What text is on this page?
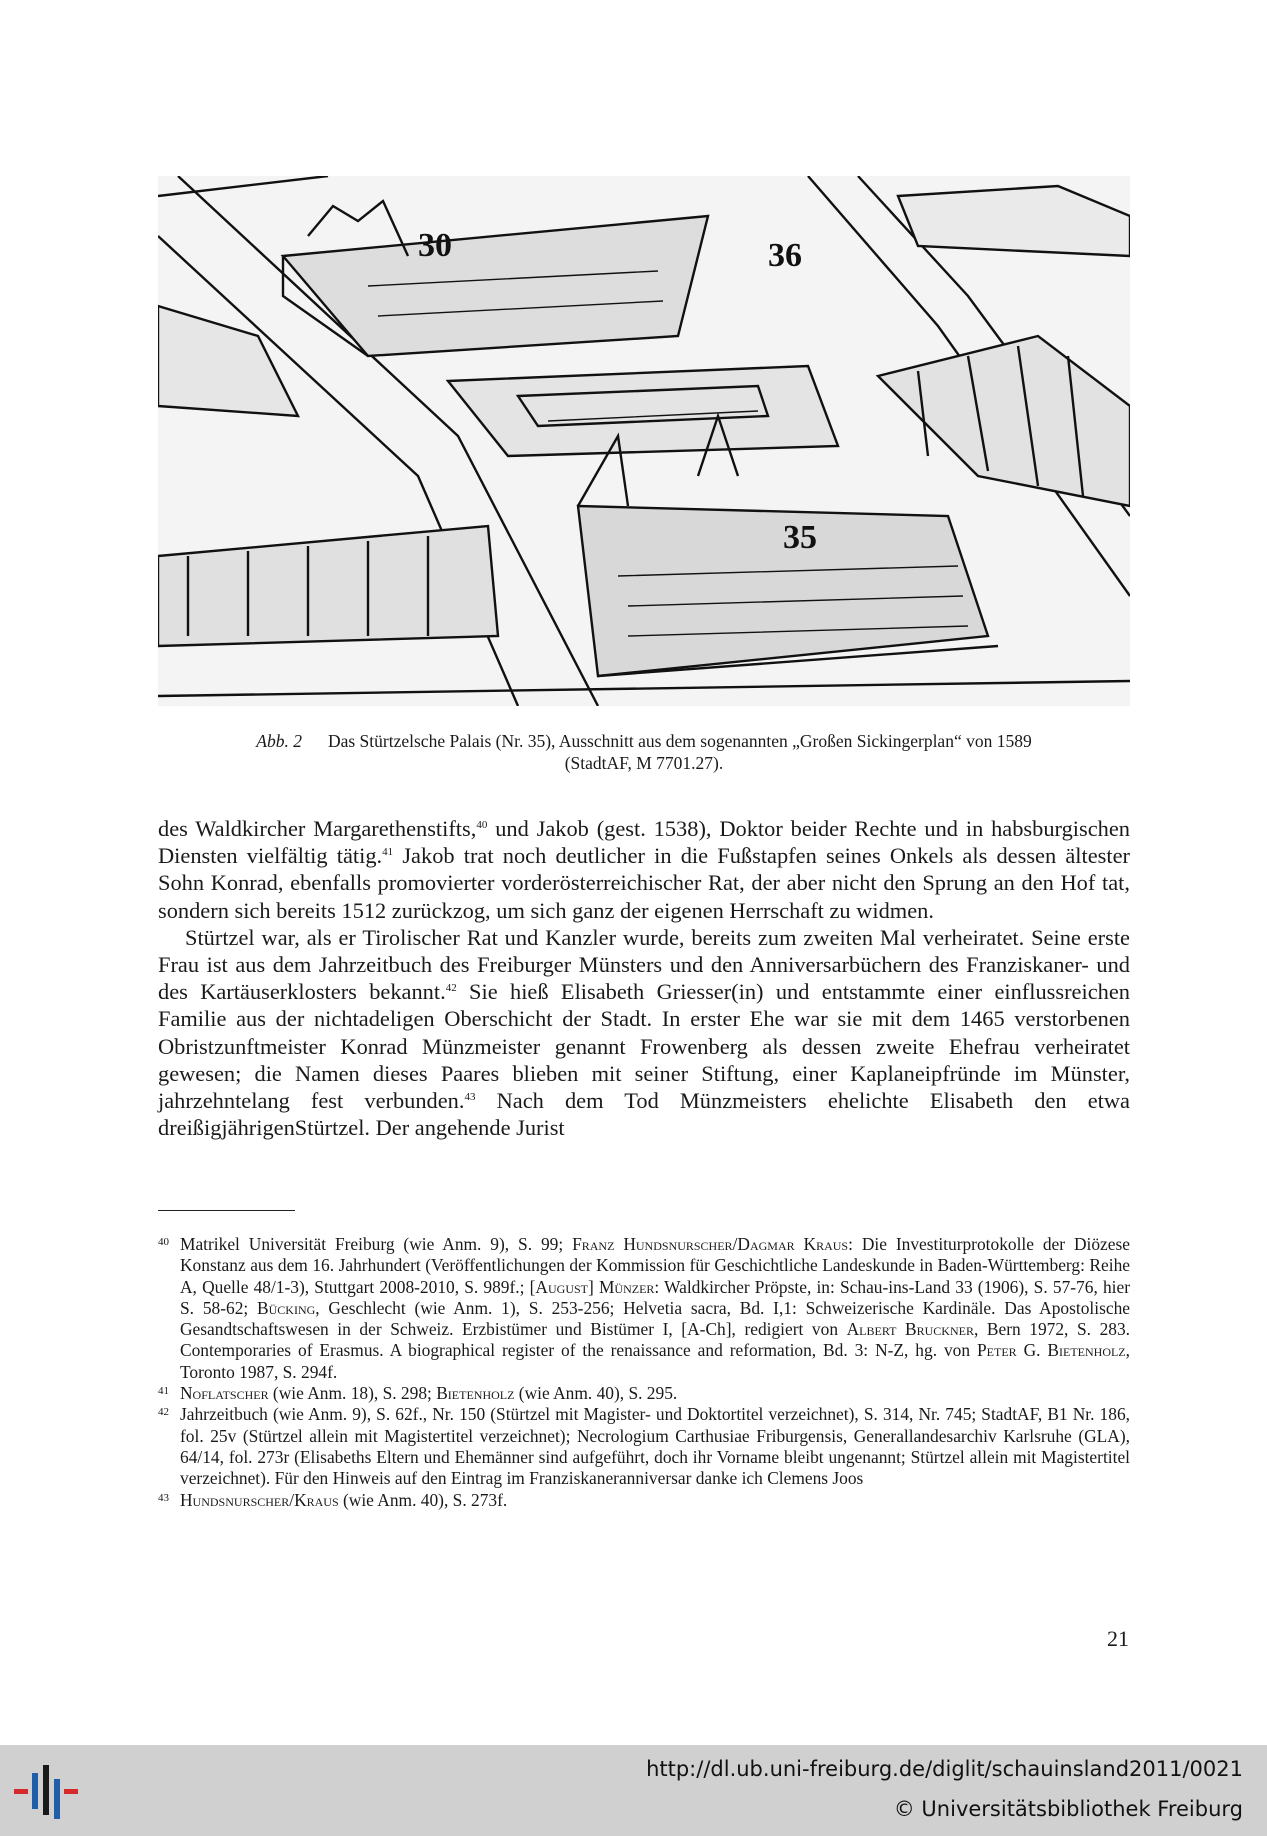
30	36
35
Abb. 2 Das Stürtzelsche Palais (Nr. 35), Ausschnitt aus dem sogenannten „Großen Sickingerplan“ von 1589
(StadtAF, M 7701.27).

des Waldkircher Margarethenstifts,$^{40}$ und Jakob (gest. 1538), Doktor beider Rechte und in habsburgischen Diensten vielfältig tätig.$^{41}$ Jakob trat noch deutlicher in die Fußstapfen seines Onkels als dessen ältester Sohn Konrad, ebenfalls promovierter vorderösterreichischer Rat, der aber nicht den Sprung an den Hof tat, sondern sich bereits 1512 zurückzog, um sich ganz der eigenen Herrschaft zu widmen.

Stürtzel war, als er Tirolischer Rat und Kanzler wurde, bereits zum zweiten Mal verheiratet. Seine erste Frau ist aus dem Jahrzeitbuch des Freiburger Münsters und den Anniversarbüchern des Franziskaner- und des Kartäuserklosters bekannt.$^{42}$ Sie hieß Elisabeth Griesser(in) und entstammte einer einflussreichen Familie aus der nichtadeligen Oberschicht der Stadt. In erster Ehe war sie mit dem 1465 verstorbenen Obristzunftmeister Konrad Münzmeister genannt Frowenberg als dessen zweite Ehefrau verheiratet gewesen; die Namen dieses Paares blieben mit seiner Stiftung, einer Kaplaneipfründe im Münster, jahrzehntelang fest verbunden.$^{43}$ Nach dem Tod Münzmeisters ehelichte Elisabeth den etwa dreißigjährigenStürtzel. Der angehende Jurist

40 Matrikel Universität Freiburg (wie Anm. 9), S. 99; Franz Hundsnurscher/Dagmar Kraus: Die Investiturprotokolle der Diözese Konstanz aus dem 16. Jahrhundert (Veröffentlichungen der Kommission für Geschichtliche Landeskunde in Baden-Württemberg: Reihe A, Quelle 48/1-3), Stuttgart 2008-2010, S. 989f.; [August] Münzer: Waldkircher Pröpste, in: Schau-ins-Land 33 (1906), S. 57-76, hier S. 58-62; Bücking, Geschlecht (wie Anm. 1), S. 253-256; Helvetia sacra, Bd. I,1: Schweizerische Kardinäle. Das Apostolische Gesandtschaftswesen in der Schweiz. Erzbistümer und Bistümer I, [A-Ch], redigiert von Albert Bruckner, Bern 1972, S. 283. Contemporaries of Erasmus. A biographical register of the renaissance and reformation, Bd. 3: N-Z, hg. von Peter G. Bietenholz, Toronto 1987, S. 294f.
41 Noflatscher (wie Anm. 18), S. 298; Bietenholz (wie Anm. 40), S. 295.
42 Jahrzeitbuch (wie Anm. 9), S. 62f., Nr. 150 (Stürtzel mit Magister- und Doktortitel verzeichnet), S. 314, Nr. 745; StadtAF, B1 Nr. 186, fol. 25v (Stürtzel allein mit Magistertitel verzeichnet); Necrologium Carthusiae Friburgensis, Generallandesarchiv Karlsruhe (GLA), 64/14, fol. 273r (Elisabeths Eltern und Ehemänner sind aufgeführt, doch ihr Vorname bleibt ungenannt; Stürtzel allein mit Magistertitel verzeichnet). Für den Hinweis auf den Eintrag im Franziskaneranniversar danke ich Clemens Joos
43 Hundsnurscher/Kraus (wie Anm. 40), S. 273f.
21
http://dl.ub.uni-freiburg.de/diglit/schauinsland2011/0021
© Universitätsbibliothek Freiburg
